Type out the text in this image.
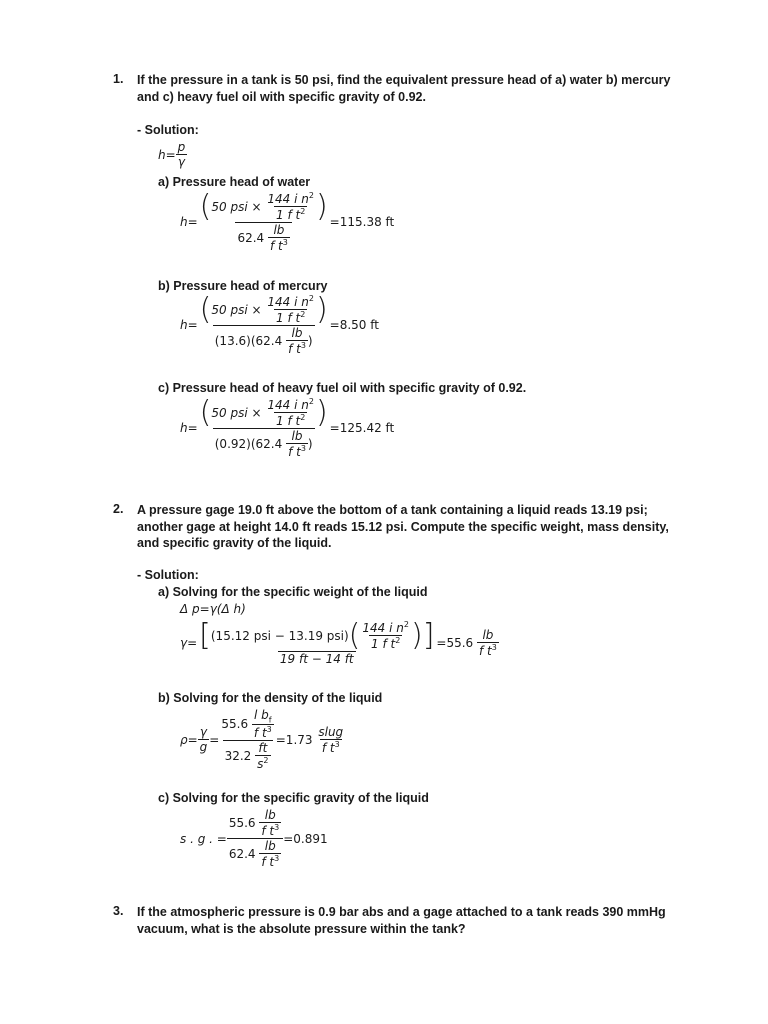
1. If the pressure in a tank is 50 psi, find the equivalent pressure head of a) water b) mercury and c) heavy fuel oil with specific gravity of 0.92.
- Solution:
$h= \frac{p}{\gamma}$
a) Pressure head of water
h= ( 50 psi ×
$\frac{144 i n^2}{1 f t^2}$ )
62.4

lb
f $t^3$
=115.38 ft
b) Pressure head of mercury
h= ( 50 psi ×
$\frac{144 i n^2}{1 f t^2}$ )
(13.6)(62.4

lb
f $t^3$ )
=8.50 ft
c) Pressure head of heavy fuel oil with specific gravity of 0.92.
h= ( 50 psi ×
$\frac{144 i n^2}{1 f t^2}$ )
(0.92)(62.4

lb
f $t^3$ )
=125.42 ft
2. A pressure gage 19.0 ft above the bottom of a tank containing a liquid reads 13.19 psi; another gage at height 14.0 ft reads 15.12 psi. Compute the specific weight, mass density, and specific gravity of the liquid.
- Solution:
a) Solving for the specific weight of the liquid
Δ p=γ(Δ h)
γ= [ (15.12 psi − 13.19 psi) ( 144 i $n^2$
1 f $t^2$ ) ]
19 ft − 14 ft
=55.6

lb
f $t^3$
b) Solving for the density of the liquid
$\rho= \frac{\gamma}{g}$ =
55.6

l $b_f$
f $t^3$
32.2

ft
$s^2$
=1.73

slug
f $t^3$
c) Solving for the specific gravity of the liquid
s . g . =
55.6

lb
f $t^3$
62.4

lb
f $t^3$
=0.891
3. If the atmospheric pressure is 0.9 bar abs and a gage attached to a tank reads 390 mmHg vacuum, what is the absolute pressure within the tank?
